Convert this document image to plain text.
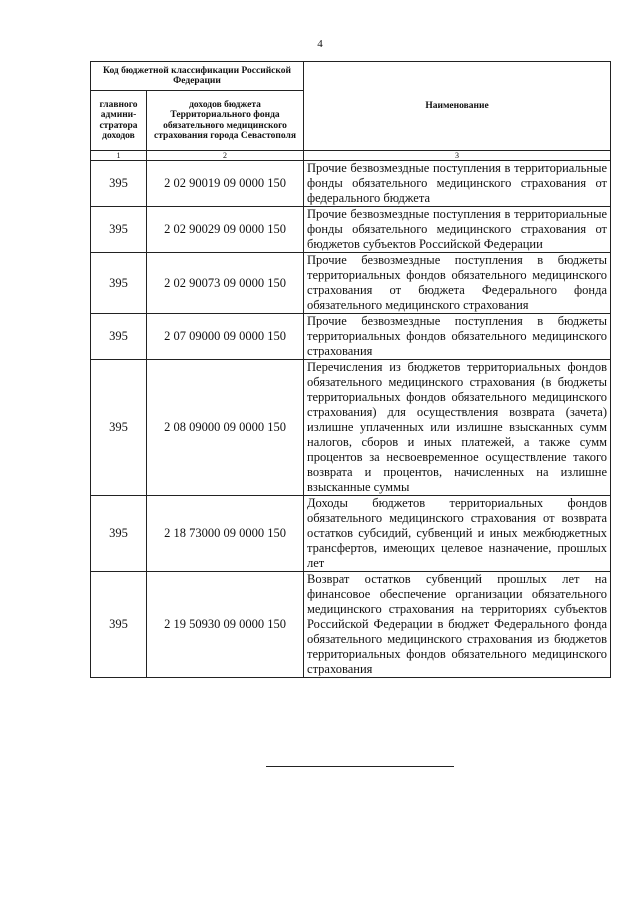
4
Код бюджетной классификации Российской Федерации		Наименование
главного админи-стратора доходов	доходов бюджета Территориального фонда обязательного медицинского страхования города Севастополя	
1	2	3
395	2 02 90019 09 0000 150	Прочие безвозмездные поступления в территориальные фонды обязательного медицинского страхования от федерального бюджета
395	2 02 90029 09 0000 150	Прочие безвозмездные поступления в территориальные фонды обязательного медицинского страхования от бюджетов субъектов Российской Федерации
395	2 02 90073 09 0000 150	Прочие безвозмездные поступления в бюджеты территориальных фондов обязательного медицинского страхования от бюджета Федерального фонда обязательного медицинского страхования
395	2 07 09000 09 0000 150	Прочие безвозмездные поступления в бюджеты территориальных фондов обязательного медицинского страхования
395	2 08 09000 09 0000 150	Перечисления из бюджетов территориальных фондов обязательного медицинского страхования (в бюджеты территориальных фондов обязательного медицинского страхования) для осуществления возврата (зачета) излишне уплаченных или излишне взысканных сумм налогов, сборов и иных платежей, а также сумм процентов за несвоевременное осуществление такого возврата и процентов, начисленных на излишне взысканные суммы
395	2 18 73000 09 0000 150	Доходы бюджетов территориальных фондов обязательного медицинского страхования от возврата остатков субсидий, субвенций и иных межбюджетных трансфертов, имеющих целевое назначение, прошлых лет
395	2 19 50930 09 0000 150	Возврат остатков субвенций прошлых лет на финансовое обеспечение организации обязательного медицинского страхования на территориях субъектов Российской Федерации в бюджет Федерального фонда обязательного медицинского страхования из бюджетов территориальных фондов обязательного медицинского страхования
